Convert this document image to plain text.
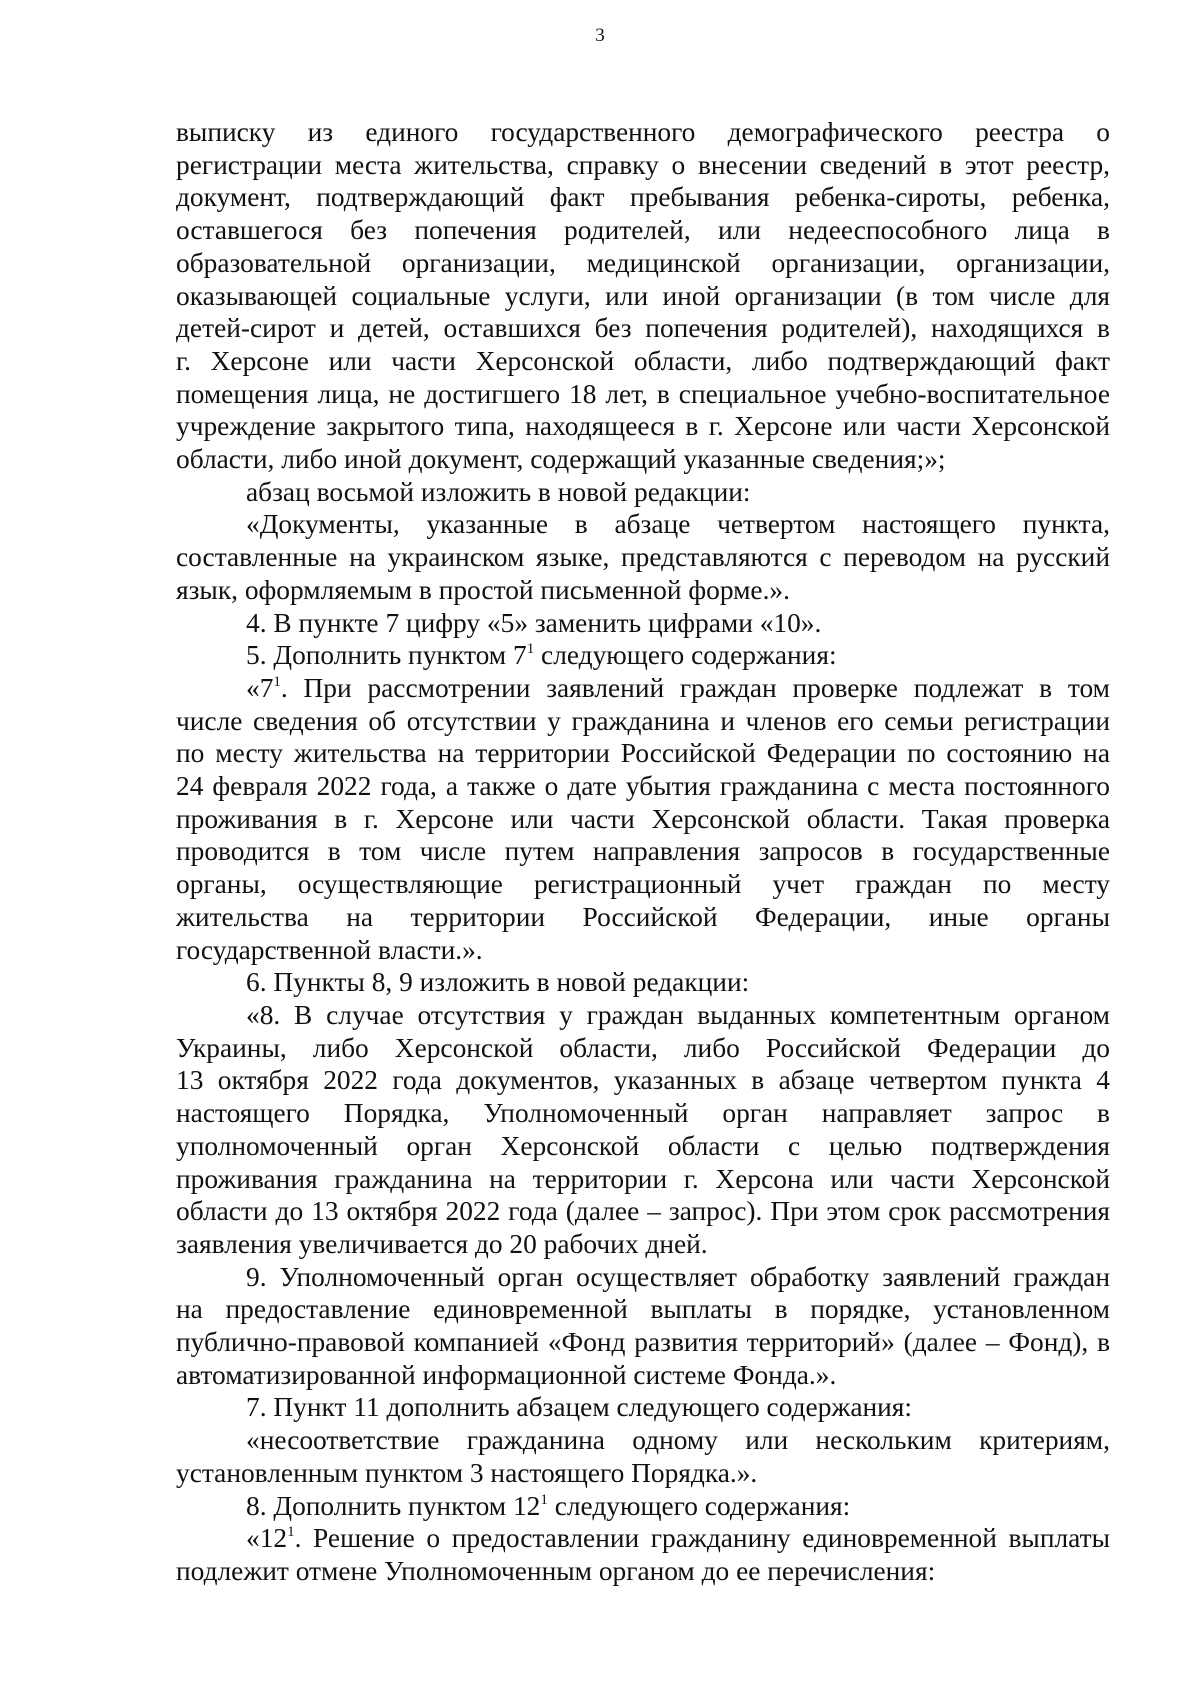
3
выписку из единого государственного демографического реестра о
регистрации места жительства, справку о внесении сведений в этот реестр,
документ, подтверждающий факт пребывания ребенка-сироты, ребенка,
оставшегося без попечения родителей, или недееспособного лица в
образовательной организации, медицинской организации, организации,
оказывающей социальные услуги, или иной организации (в том числе для
детей-сирот и детей, оставшихся без попечения родителей), находящихся в
г. Херсоне или части Херсонской области, либо подтверждающий факт
помещения лица, не достигшего 18 лет, в специальное учебно-воспитательное
учреждение закрытого типа, находящееся в г. Херсоне или части Херсонской
области, либо иной документ, содержащий указанные сведения;»;
абзац восьмой изложить в новой редакции:
«Документы, указанные в абзаце четвертом настоящего пункта,
составленные на украинском языке, представляются с переводом на русский
язык, оформляемым в простой письменной форме.».
4. В пункте 7 цифру «5» заменить цифрами «10».
5. Дополнить пунктом $7^1$ следующего содержания:
«$7^1$. При рассмотрении заявлений граждан проверке подлежат в том
числе сведения об отсутствии у гражданина и членов его семьи регистрации
по месту жительства на территории Российской Федерации по состоянию на
24 февраля 2022 года, а также о дате убытия гражданина с места постоянного
проживания в г. Херсоне или части Херсонской области. Такая проверка
проводится в том числе путем направления запросов в государственные
органы, осуществляющие регистрационный учет граждан по месту
жительства на территории Российской Федерации, иные органы
государственной власти.».
6. Пункты 8, 9 изложить в новой редакции:
«8. В случае отсутствия у граждан выданных компетентным органом
Украины, либо Херсонской области, либо Российской Федерации до
13 октября 2022 года документов, указанных в абзаце четвертом пункта 4
настоящего Порядка, Уполномоченный орган направляет запрос в
уполномоченный орган Херсонской области с целью подтверждения
проживания гражданина на территории г. Херсона или части Херсонской
области до 13 октября 2022 года (далее – запрос). При этом срок рассмотрения
заявления увеличивается до 20 рабочих дней.
9. Уполномоченный орган осуществляет обработку заявлений граждан
на предоставление единовременной выплаты в порядке, установленном
публично-правовой компанией «Фонд развития территорий» (далее – Фонд), в
автоматизированной информационной системе Фонда.».
7. Пункт 11 дополнить абзацем следующего содержания:
«несоответствие гражданина одному или нескольким критериям,
установленным пунктом 3 настоящего Порядка.».
8. Дополнить пунктом $12^1$ следующего содержания:
«$12^1$. Решение о предоставлении гражданину единовременной выплаты
подлежит отмене Уполномоченным органом до ее перечисления:
